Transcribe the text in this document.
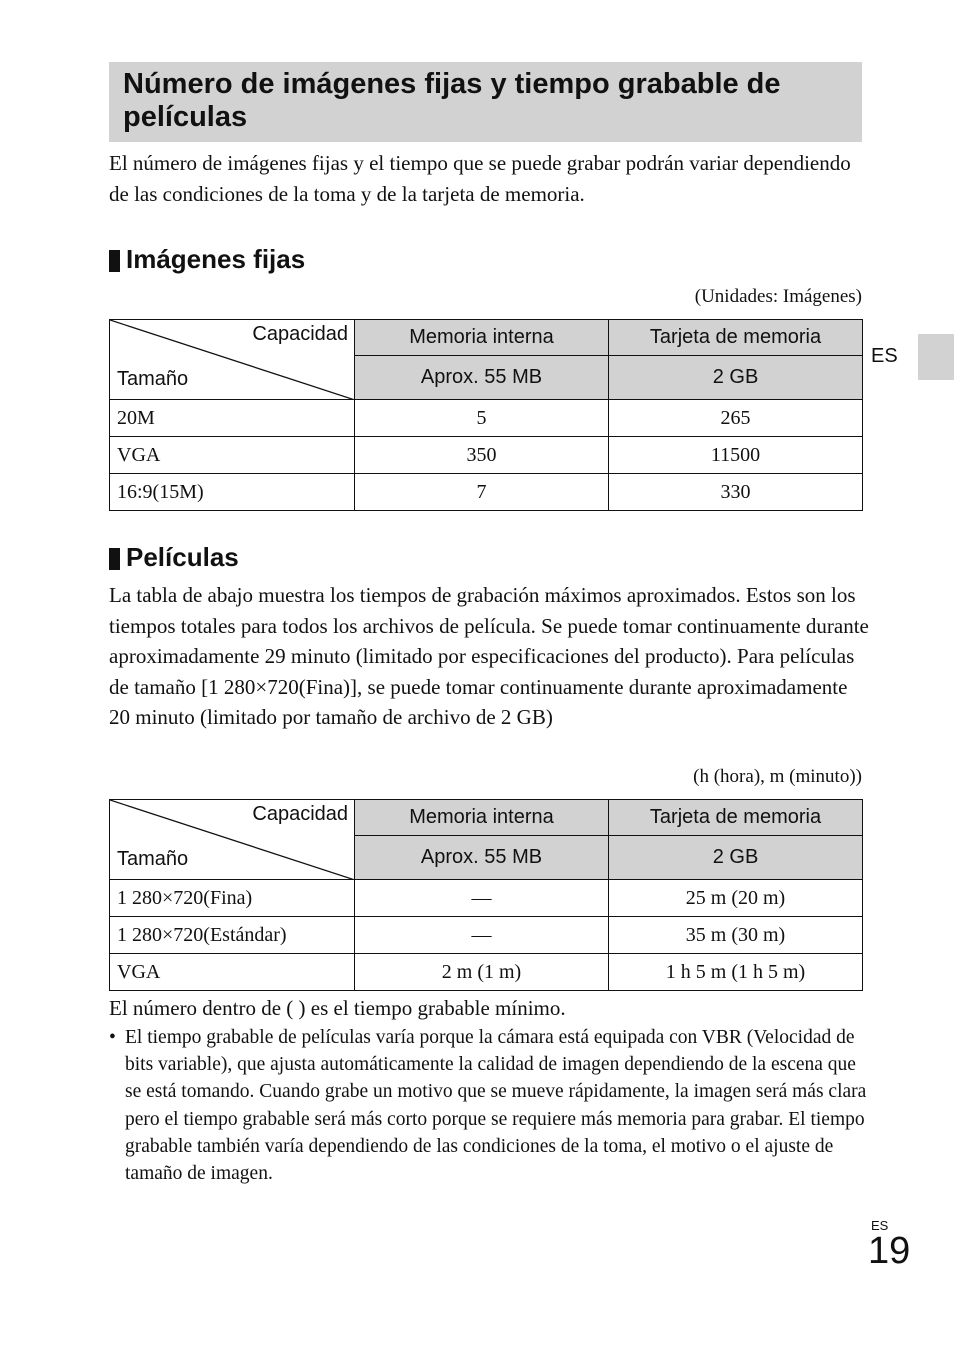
Número de imágenes fijas y tiempo grabable de películas

El número de imágenes fijas y el tiempo que se puede grabar podrán variar dependiendo de las condiciones de la toma y de la tarjeta de memoria.

Imágenes fijas
(Unidades: Imágenes)
Capacidad
Tamaño	Memoria interna	Tarjeta de memoria
	Aprox. 55 MB	2 GB
20M	5	265
VGA	350	11500
16:9(15M)	7	330
Películas

La tabla de abajo muestra los tiempos de grabación máximos aproximados. Estos son los tiempos totales para todos los archivos de película. Se puede tomar continuamente durante aproximadamente 29 minuto (limitado por especificaciones del producto). Para películas de tamaño [1 280×720(Fina)], se puede tomar continuamente durante aproximadamente 20 minuto (limitado por tamaño de archivo de 2 GB)

(h (hora), m (minuto))
Capacidad
Tamaño	Memoria interna	Tarjeta de memoria
	Aprox. 55 MB	2 GB
1 280×720(Fina)	—	25 m (20 m)
1 280×720(Estándar)	—	35 m (30 m)
VGA	2 m (1 m)	1 h 5 m (1 h 5 m)
El número dentro de ( ) es el tiempo grabable mínimo.

• El tiempo grabable de películas varía porque la cámara está equipada con VBR (Velocidad de bits variable), que ajusta automáticamente la calidad de imagen dependiendo de la escena que se está tomando. Cuando grabe un motivo que se mueve rápidamente, la imagen será más clara pero el tiempo grabable será más corto porque se requiere más memoria para grabar. El tiempo grabable también varía dependiendo de las condiciones de la toma, el motivo o el ajuste de tamaño de imagen.

ES
ES
19
